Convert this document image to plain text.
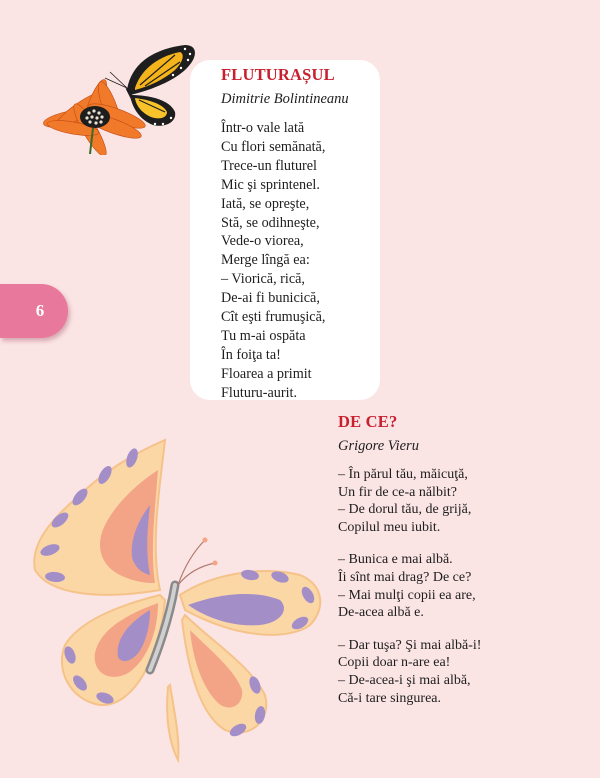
6
FLUTURAȘUL

Dimitrie Bolintineanu

Într-o vale lată
Cu flori semănată,
Trece-un fluturel
Mic şi sprintenel.
Iată, se opreşte,
Stă, se odihneşte,
Vede-o viorea,
Merge lîngă ea:
– Viorică, rică,
De-ai fi bunicică,
Cît eşti frumuşică,
Tu m-ai ospăta
În foiţa ta!
Floarea a primit
Fluturu-aurit.
DE CE?

Grigore Vieru

– În părul tău, măicuţă,
Un fir de ce-a nălbit?
– De dorul tău, de grijă,
Copilul meu iubit.
– Bunica e mai albă.
Îi sînt mai drag? De ce?
– Mai mulţi copii ea are,
De-acea albă e.
– Dar tuşa? Şi mai albă-i!
Copii doar n-are ea!
– De-acea-i şi mai albă,
Că-i tare singurea.
